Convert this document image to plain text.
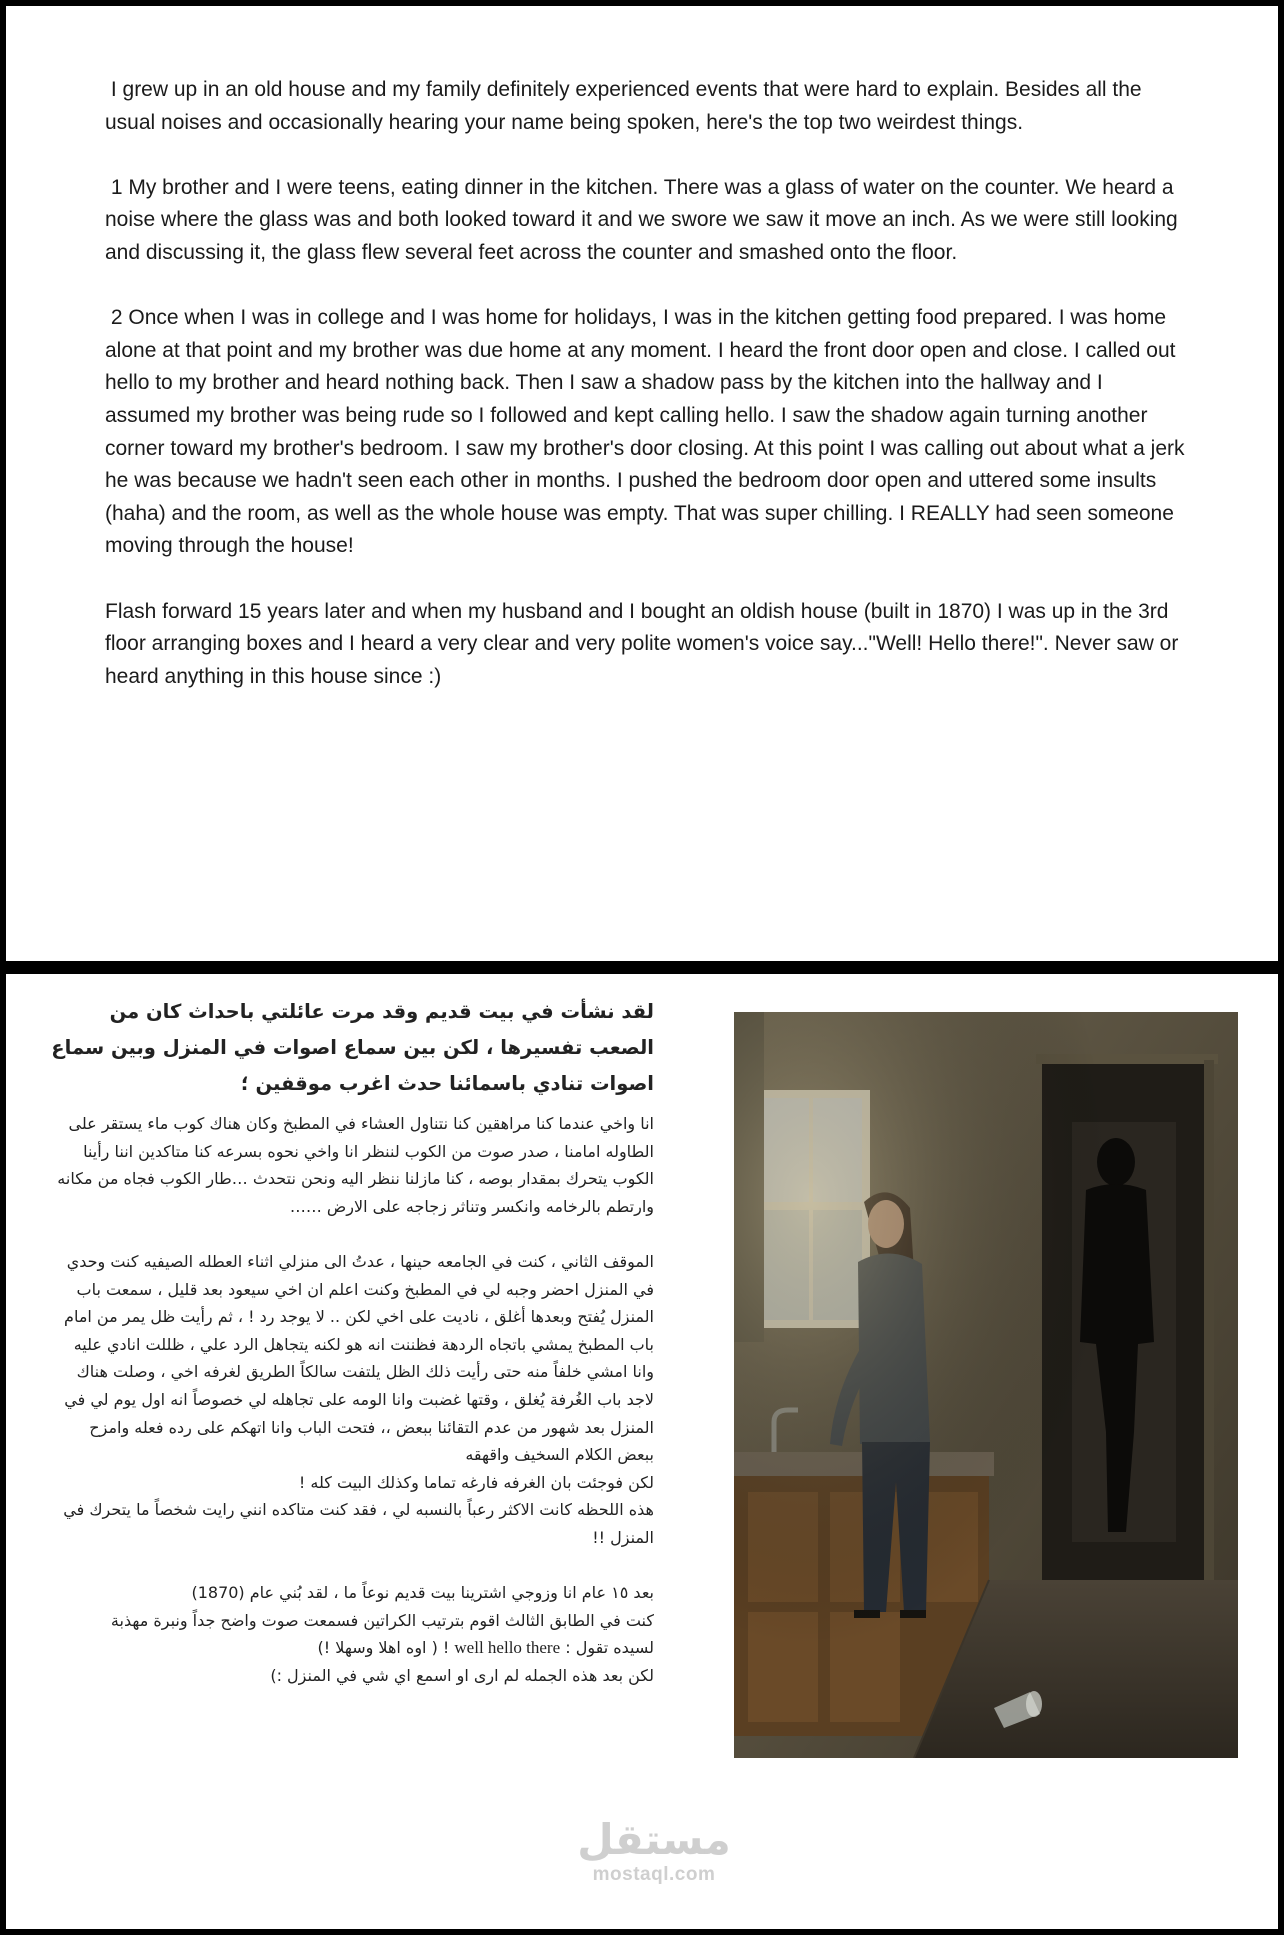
I grew up in an old house and my family definitely experienced events that were hard to explain. Besides all the usual noises and occasionally hearing your name being spoken, here's the top two weirdest things.

1 My brother and I were teens, eating dinner in the kitchen. There was a glass of water on the counter. We heard a noise where the glass was and both looked toward it and we swore we saw it move an inch. As we were still looking and discussing it, the glass flew several feet across the counter and smashed onto the floor.

2 Once when I was in college and I was home for holidays, I was in the kitchen getting food prepared. I was home alone at that point and my brother was due home at any moment. I heard the front door open and close. I called out hello to my brother and heard nothing back. Then I saw a shadow pass by the kitchen into the hallway and I assumed my brother was being rude so I followed and kept calling hello. I saw the shadow again turning another corner toward my brother's bedroom. I saw my brother's door closing. At this point I was calling out about what a jerk he was because we hadn't seen each other in months. I pushed the bedroom door open and uttered some insults (haha) and the room, as well as the whole house was empty. That was super chilling. I REALLY had seen someone moving through the house!

Flash forward 15 years later and when my husband and I bought an oldish house (built in 1870) I was up in the 3rd floor arranging boxes and I heard a very clear and very polite women's voice say..."Well! Hello there!". Never saw or heard anything in this house since :)

لقد نشأت في بيت قديم وقد مرت عائلتي باحداث كان من الصعب تفسيرها ، لكن بين سماع اصوات في المنزل وبين سماع اصوات تنادي باسمائنا حدث اغرب موقفين ؛

انا واخي عندما كنا مراهقين كنا نتناول العشاء في المطبخ وكان هناك كوب ماء يستقر على الطاوله امامنا ، صدر صوت من الكوب لننظر انا واخي نحوه بسرعه كنا متاكدين اننا رأينا الكوب يتحرك بمقدار بوصه ، كنا مازلنا ننظر اليه ونحن نتحدث …طار الكوب فجاه من مكانه وارتطم بالرخامه وانكسر وتناثر زجاجه على الارض ……

الموقف الثاني ، كنت في الجامعه حينها ، عدتُ الى منزلي اثناء العطله الصيفيه كنت وحدي في المنزل احضر وجبه لي في المطبخ وكنت اعلم ان اخي سيعود بعد قليل ، سمعت باب المنزل يُفتح وبعدها أغلق ، ناديت على اخي لكن .. لا يوجد رد ! ، ثم رأيت ظل يمر من امام باب المطبخ يمشي باتجاه الردهة فظننت انه هو لكنه يتجاهل الرد علي ، ظللت انادي عليه وانا امشي خلفاً منه حتى رأيت ذلك الظل يلتفت سالكاً الطريق لغرفه اخي ، وصلت هناك لاجد باب الغُرفة يُغلق ، وقتها غضبت وانا الومه على تجاهله لي خصوصاً انه اول يوم لي في المنزل بعد شهور من عدم التقائنا ببعض ،، فتحت الباب وانا اتهكم على رده فعله وامزح ببعض الكلام السخيف واقهقه
لكن فوجئت بان الغرفه فارغه تماما وكذلك البيت كله !
هذه اللحظه كانت الاكثر رعباً بالنسبه لي ، فقد كنت متاكده انني رايت شخصاً ما يتحرك في المنزل !!

بعد ١٥ عام انا وزوجي اشترينا بيت قديم نوعاً ما ، لقد بُني عام (1870)
كنت في الطابق الثالث اقوم بترتيب الكراتين فسمعت صوت واضح جداً ونبرة مهذبة
لسيده تقول : well hello there ! ( اوه اهلا وسهلا !)
لكن بعد هذه الجمله لم ارى او اسمع اي شي في المنزل :)
مستقل
mostaql.com
